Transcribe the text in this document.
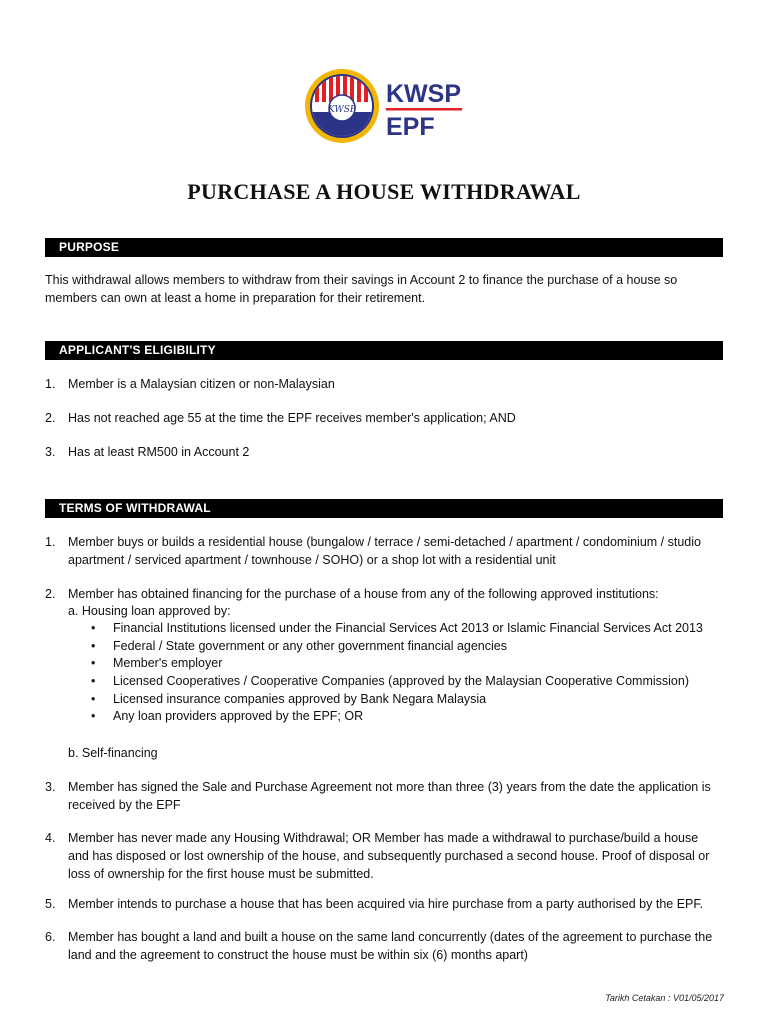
KWSP
KWSP
EPF
PURCHASE A HOUSE WITHDRAWAL
PURPOSE

This withdrawal allows members to withdraw from their savings in Account 2 to finance the purchase of a house so
members can own at least a home in preparation for their retirement.

APPLICANT'S ELIGIBILITY
1. Member is a Malaysian citizen or non-Malaysian
2. Has not reached age 55 at the time the EPF receives member's application; AND
3. Has at least RM500 in Account 2
TERMS OF WITHDRAWAL
1. Member buys or builds a residential house (bungalow / terrace / semi-detached / apartment / condominium / studio
apartment / serviced apartment / townhouse / SOHO) or a shop lot with a residential unit
2. Member has obtained financing for the purchase of a house from any of the following approved institutions:
a. Housing loan approved by:
• Financial Institutions licensed under the Financial Services Act 2013 or Islamic Financial Services Act 2013
• Federal / State government or any other government financial agencies
• Member's employer
• Licensed Cooperatives / Cooperative Companies (approved by the Malaysian Cooperative Commission)
• Licensed insurance companies approved by Bank Negara Malaysia
• Any loan providers approved by the EPF; OR
b. Self-financing
3. Member has signed the Sale and Purchase Agreement not more than three (3) years from the date the application is
received by the EPF
4. Member has never made any Housing Withdrawal; OR Member has made a withdrawal to purchase/build a house
and has disposed or lost ownership of the house, and subsequently purchased a second house. Proof of disposal or
loss of ownership for the first house must be submitted.
5. Member intends to purchase a house that has been acquired via hire purchase from a party authorised by the EPF.
6. Member has bought a land and built a house on the same land concurrently (dates of the agreement to purchase the
land and the agreement to construct the house must be within six (6) months apart)
Tarikh Cetakan : V01/05/2017
